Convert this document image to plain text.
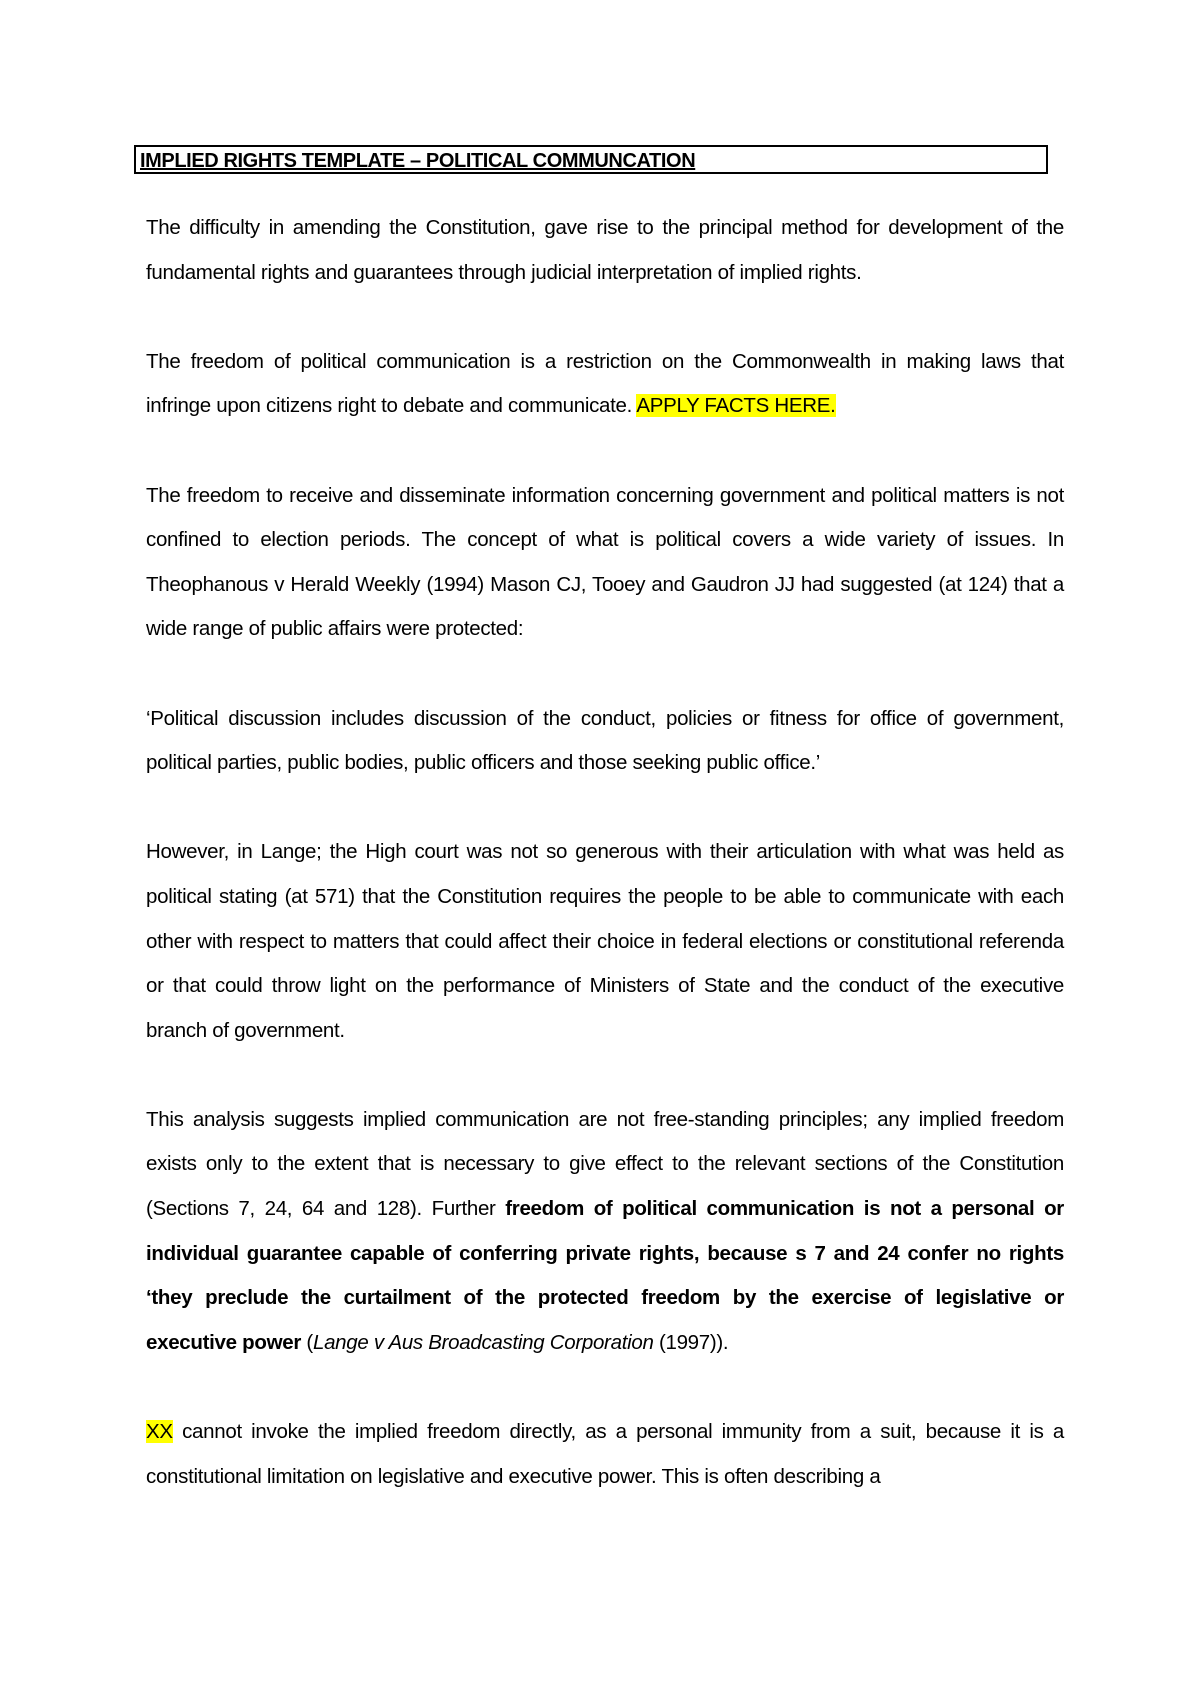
IMPLIED RIGHTS TEMPLATE – POLITICAL COMMUNCATION

The difficulty in amending the Constitution, gave rise to the principal method for development of the fundamental rights and guarantees through judicial interpretation of implied rights.

The freedom of political communication is a restriction on the Commonwealth in making laws that infringe upon citizens right to debate and communicate. APPLY FACTS HERE.

The freedom to receive and disseminate information concerning government and political matters is not confined to election periods. The concept of what is political covers a wide variety of issues. In Theophanous v Herald Weekly (1994) Mason CJ, Tooey and Gaudron JJ had suggested (at 124) that a wide range of public affairs were protected:

‘Political discussion includes discussion of the conduct, policies or fitness for office of government, political parties, public bodies, public officers and those seeking public office.’

However, in Lange; the High court was not so generous with their articulation with what was held as political stating (at 571) that the Constitution requires the people to be able to communicate with each other with respect to matters that could affect their choice in federal elections or constitutional referenda or that could throw light on the performance of Ministers of State and the conduct of the executive branch of government.

This analysis suggests implied communication are not free-standing principles; any implied freedom exists only to the extent that is necessary to give effect to the relevant sections of the Constitution (Sections 7, 24, 64 and 128). Further freedom of political communication is not a personal or individual guarantee capable of conferring private rights, because s 7 and 24 confer no rights ‘they preclude the curtailment of the protected freedom by the exercise of legislative or executive power (Lange v Aus Broadcasting Corporation (1997)).

XX cannot invoke the implied freedom directly, as a personal immunity from a suit, because it is a constitutional limitation on legislative and executive power. This is often describing a
